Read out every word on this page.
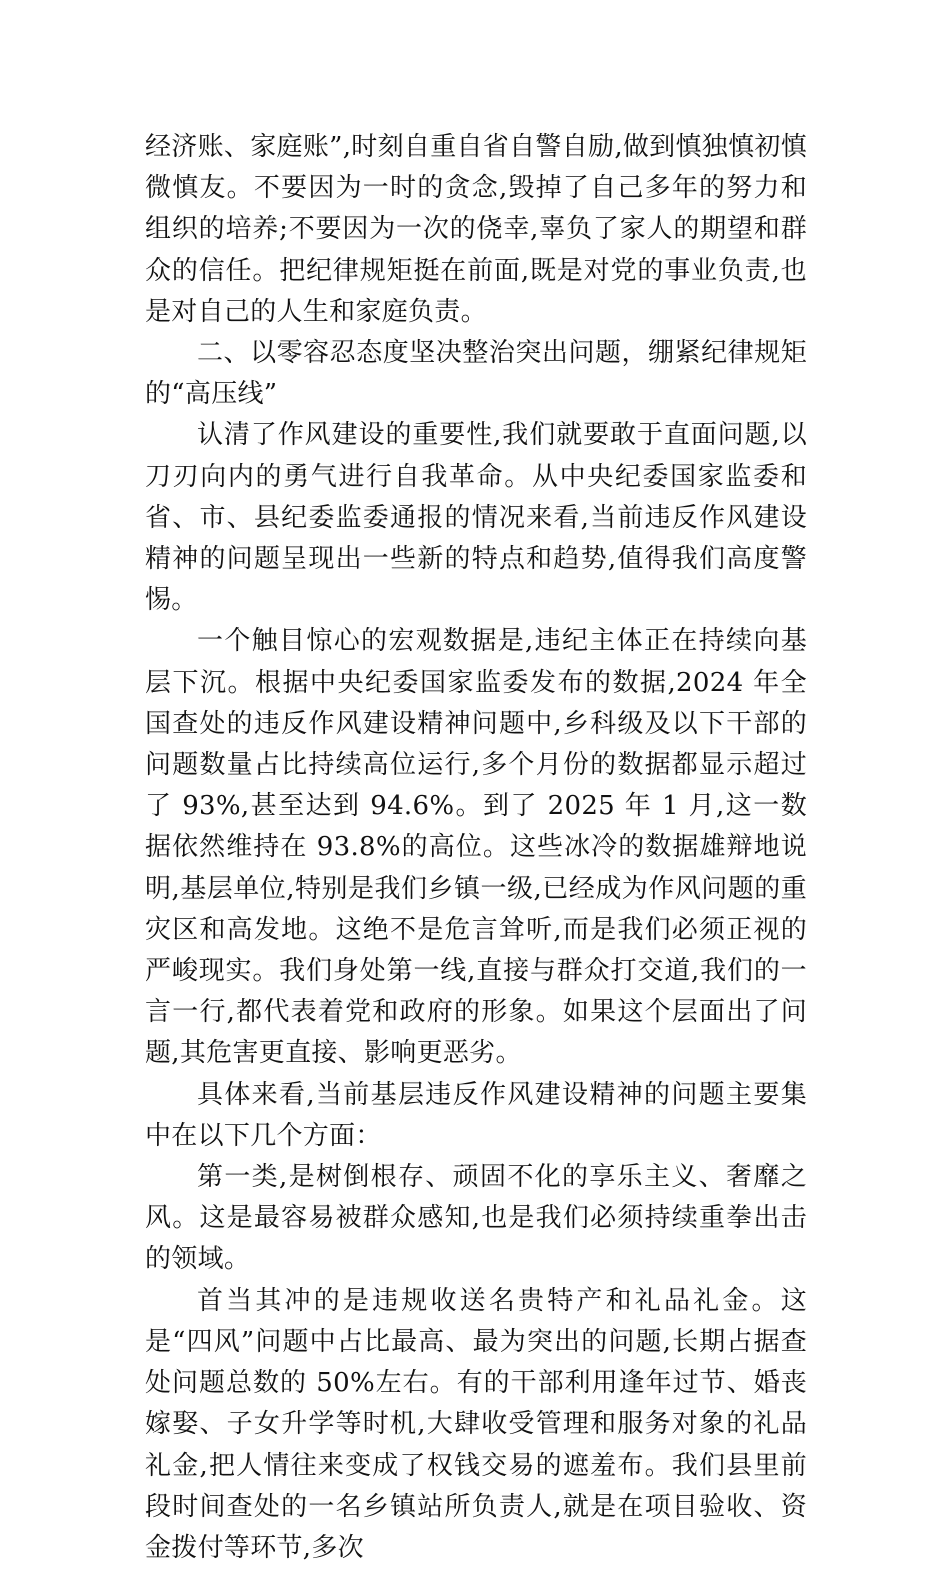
经济账、家庭账”,时刻自重自省自警自励,做到慎独慎初慎微慎友。不要因为一时的贪念,毁掉了自己多年的努力和组织的培养;不要因为一次的侥幸,辜负了家人的期望和群众的信任。把纪律规矩挺在前面,既是对党的事业负责,也是对自己的人生和家庭负责。

二、以零容忍态度坚决整治突出问题，绷紧纪律规矩的“高压线”

认清了作风建设的重要性,我们就要敢于直面问题,以刀刃向内的勇气进行自我革命。从中央纪委国家监委和省、市、县纪委监委通报的情况来看,当前违反作风建设精神的问题呈现出一些新的特点和趋势,值得我们高度警惕。

一个触目惊心的宏观数据是,违纪主体正在持续向基层下沉。根据中央纪委国家监委发布的数据,2024 年全国查处的违反作风建设精神问题中,乡科级及以下干部的问题数量占比持续高位运行,多个月份的数据都显示超过了 93%,甚至达到 94.6%。到了 2025 年 1 月,这一数据依然维持在 93.8%的高位。这些冰冷的数据雄辩地说明,基层单位,特别是我们乡镇一级,已经成为作风问题的重灾区和高发地。这绝不是危言耸听,而是我们必须正视的严峻现实。我们身处第一线,直接与群众打交道,我们的一言一行,都代表着党和政府的形象。如果这个层面出了问题,其危害更直接、影响更恶劣。

具体来看,当前基层违反作风建设精神的问题主要集中在以下几个方面：

第一类,是树倒根存、顽固不化的享乐主义、奢靡之风。这是最容易被群众感知,也是我们必须持续重拳出击的领域。

首当其冲的是违规收送名贵特产和礼品礼金。这是“四风”问题中占比最高、最为突出的问题,长期占据查处问题总数的 50%左右。有的干部利用逢年过节、婚丧嫁娶、子女升学等时机,大肆收受管理和服务对象的礼品礼金,把人情往来变成了权钱交易的遮羞布。我们县里前段时间查处的一名乡镇站所负责人,就是在项目验收、资金拨付等环节,多次
